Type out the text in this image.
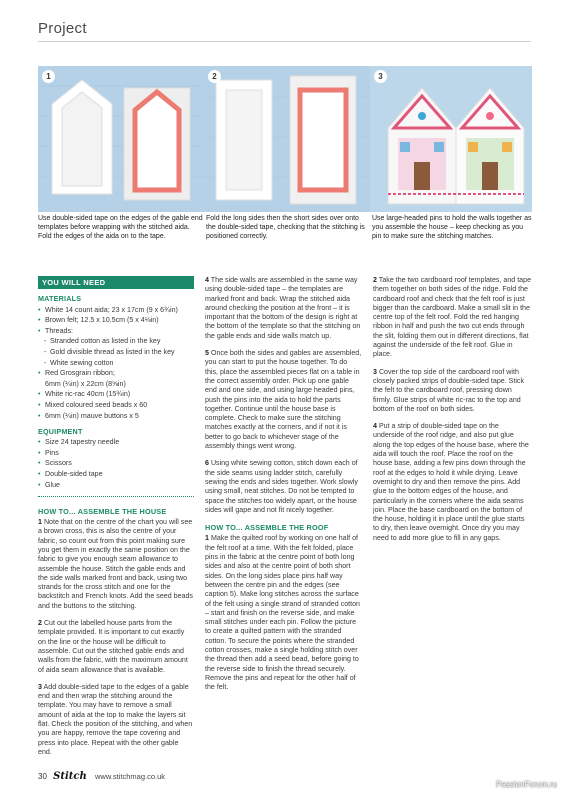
Project
1	2	3
Use double-sided tape on the edges of the gable end templates before wrapping with the stitched aida. Fold the edges of the aida on to the tape.
Fold the long sides then the short sides over onto the double-sided tape, checking that the stitching is positioned correctly.
Use large-headed pins to hold the walls together as you assemble the house – keep checking as you pin to make sure the stitching matches.
YOU WILL NEED
MATERIALS
• White 14 count aida; 23 x 17cm (9 x 6¾in)
• Brown felt; 12.5 x 10.5cm (5 x 4⅛in)
• Threads:
- Stranded cotton as listed in the key
- Gold divisible thread as listed in the key
- White sewing cotton
• Red Grosgrain ribbon;
6mm (¼in) x 22cm (8⅝in)
• White ric-rac 40cm (15¾in)
• Mixed coloured seed beads x 60
• 6mm (¼in) mauve buttons x 5
EQUIPMENT
• Size 24 tapestry needle
• Pins
• Scissors
• Double-sided tape
• Glue
HOW TO... ASSEMBLE THE HOUSE

1 Note that on the centre of the chart you will see a brown cross, this is also the centre of your fabric, so count out from this point making sure you get them in exactly the same position on the fabric to give you enough seam allowance to assemble the house. Stitch the gable ends and the side walls marked front and back, using two strands for the cross stitch and one for the backstitch and French knots. Add the seed beads and the buttons to the stitching.

2 Cut out the labelled house parts from the template provided. It is important to cut exactly on the line or the house will be difficult to assemble. Cut out the stitched gable ends and walls from the fabric, with the maximum amount of aida seam allowance that is available.

3 Add double-sided tape to the edges of a gable end and then wrap the stitching around the template. You may have to remove a small amount of aida at the top to make the layers sit flat. Check the position of the stitching, and when you are happy, remove the tape covering and press into place. Repeat with the other gable end.

4 The side walls are assembled in the same way using double-sided tape – the templates are marked front and back. Wrap the stitched aida around checking the position at the front – it is important that the bottom of the design is right at the bottom of the template so that the stitching on the gable ends and side walls match up.

5 Once both the sides and gables are assembled, you can start to put the house together. To do this, place the assembled pieces flat on a table in the correct assembly order. Pick up one gable end and one side, and using large headed pins, push the pins into the aida to hold the parts together. Continue until the house base is complete. Check to make sure the stitching matches exactly at the corners, and if not it is better to go back to whichever stage of the assembly things went wrong.

6 Using white sewing cotton, stitch down each of the side seams using ladder stitch, carefully sewing the ends and sides together. Work slowly using small, neat stitches. Do not be tempted to space the stitches too widely apart, or the house sides will gape and not fit nicely together.

HOW TO... ASSEMBLE THE ROOF

1 Make the quilted roof by working on one half of the felt roof at a time. With the felt folded, place pins in the fabric at the centre point of both long sides and also at the centre point of both short sides. On the long sides place pins half way between the centre pin and the edges (see caption 5). Make long stitches across the surface of the felt using a single strand of stranded cotton – start and finish on the reverse side, and make small stitches under each pin. Follow the picture to create a quilted pattern with the stranded cotton. To secure the points where the stranded cotton crosses, make a single holding stitch over the thread then add a seed bead, before going to the reverse side to finish the thread securely. Remove the pins and repeat for the other half of the felt.

2 Take the two cardboard roof templates, and tape them together on both sides of the ridge. Fold the cardboard roof and check that the felt roof is just bigger than the cardboard. Make a small slit in the centre top of the felt roof. Fold the red hanging ribbon in half and push the two cut ends through the slit, folding them out in different directions, flat against the underside of the felt roof. Glue in place.

3 Cover the top side of the cardboard roof with closely packed strips of double-sided tape. Stick the felt to the cardboard roof, pressing down firmly. Glue strips of white ric-rac to the top and bottom of the roof on both sides.

4 Put a strip of double-sided tape on the underside of the roof ridge, and also put glue along the top edges of the house base, where the aida will touch the roof. Place the roof on the house base, adding a few pins down through the roof at the edges to hold it while drying. Leave overnight to dry and then remove the pins. Add glue to the bottom edges of the house, and particularly in the corners where the aida seams join. Place the base cardboard on the bottom of the house, holding it in place until the glue starts to dry, then leave overnight. Once dry you may need to add more glue to fill in any gaps.

30 Stitch www.stitchmag.co.uk
PassionForum.ru
